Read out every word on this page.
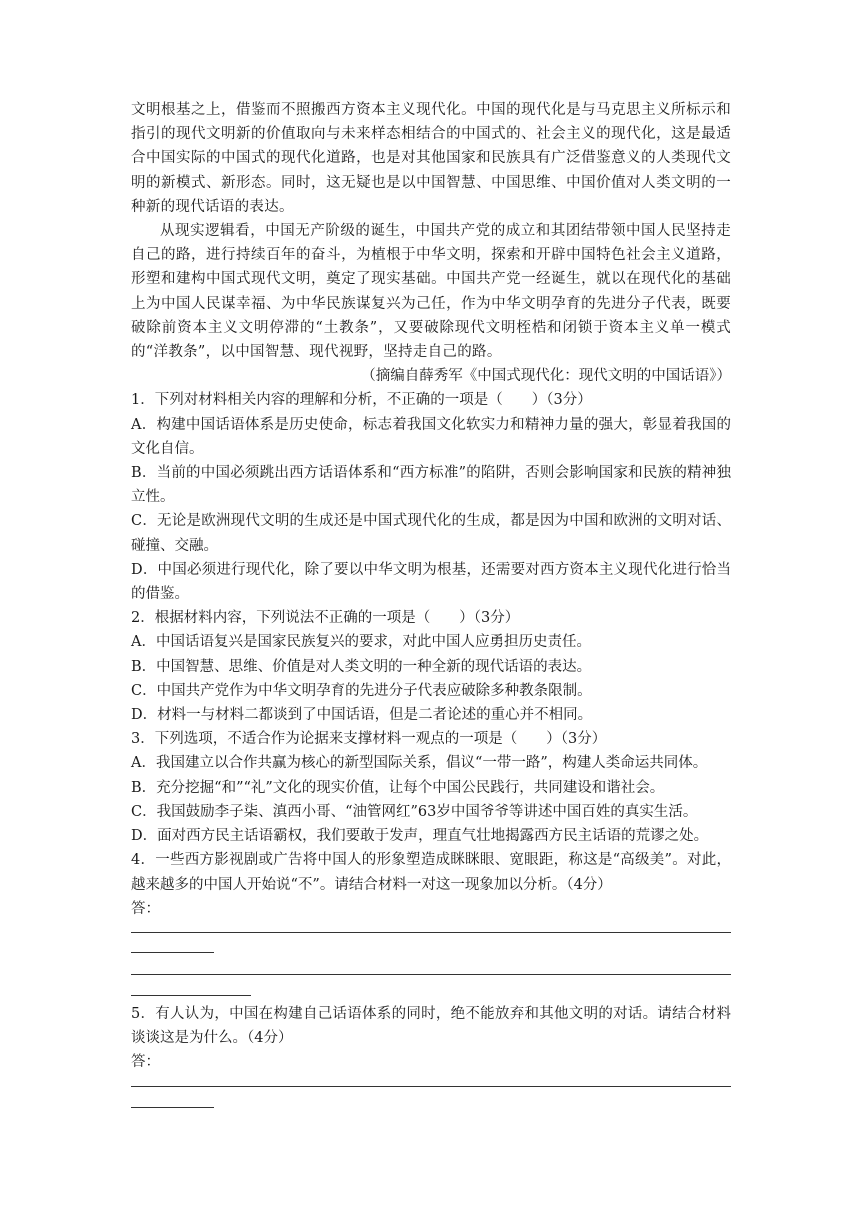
文明根基之上，借鉴而不照搬西方资本主义现代化。中国的现代化是与马克思主义所标示和指引的现代文明新的价值取向与未来样态相结合的中国式的、社会主义的现代化，这是最适合中国实际的中国式的现代化道路，也是对其他国家和民族具有广泛借鉴意义的人类现代文明的新模式、新形态。同时，这无疑也是以中国智慧、中国思维、中国价值对人类文明的一种新的现代话语的表达。

从现实逻辑看，中国无产阶级的诞生，中国共产党的成立和其团结带领中国人民坚持走自己的路，进行持续百年的奋斗，为植根于中华文明，探索和开辟中国特色社会主义道路，形塑和建构中国式现代文明，奠定了现实基础。中国共产党一经诞生，就以在现代化的基础上为中国人民谋幸福、为中华民族谋复兴为己任，作为中华文明孕育的先进分子代表，既要破除前资本主义文明停滞的“土教条”，又要破除现代文明桎梏和闭锁于资本主义单一模式的“洋教条”，以中国智慧、现代视野，坚持走自己的路。

（摘编自薛秀军《中国式现代化：现代文明的中国话语》）

1．下列对材料相关内容的理解和分析，不正确的一项是（　　）（3分）

A．构建中国话语体系是历史使命，标志着我国文化软实力和精神力量的强大，彰显着我国的文化自信。

B．当前的中国必须跳出西方话语体系和“西方标准”的陷阱，否则会影响国家和民族的精神独立性。

C．无论是欧洲现代文明的生成还是中国式现代化的生成，都是因为中国和欧洲的文明对话、碰撞、交融。

D．中国必须进行现代化，除了要以中华文明为根基，还需要对西方资本主义现代化进行恰当的借鉴。

2．根据材料内容，下列说法不正确的一项是（　　）（3分）

A．中国话语复兴是国家民族复兴的要求，对此中国人应勇担历史责任。

B．中国智慧、思维、价值是对人类文明的一种全新的现代话语的表达。

C．中国共产党作为中华文明孕育的先进分子代表应破除多种教条限制。

D．材料一与材料二都谈到了中国话语，但是二者论述的重心并不相同。

3．下列选项，不适合作为论据来支撑材料一观点的一项是（　　）（3分）

A．我国建立以合作共赢为核心的新型国际关系，倡议“一带一路”，构建人类命运共同体。

B．充分挖掘“和”“礼”文化的现实价值，让每个中国公民践行，共同建设和谐社会。

C．我国鼓励李子柒、滇西小哥、“油管网红”63岁中国爷爷等讲述中国百姓的真实生活。

D．面对西方民主话语霸权，我们要敢于发声，理直气壮地揭露西方民主话语的荒谬之处。

4．一些西方影视剧或广告将中国人的形象塑造成眯眯眼、宽眼距，称这是“高级美”。对此，越来越多的中国人开始说“不”。请结合材料一对这一现象加以分析。（4分）

答：

5．有人认为，中国在构建自己话语体系的同时，绝不能放弃和其他文明的对话。请结合材料谈谈这是为什么。（4分）

答：
